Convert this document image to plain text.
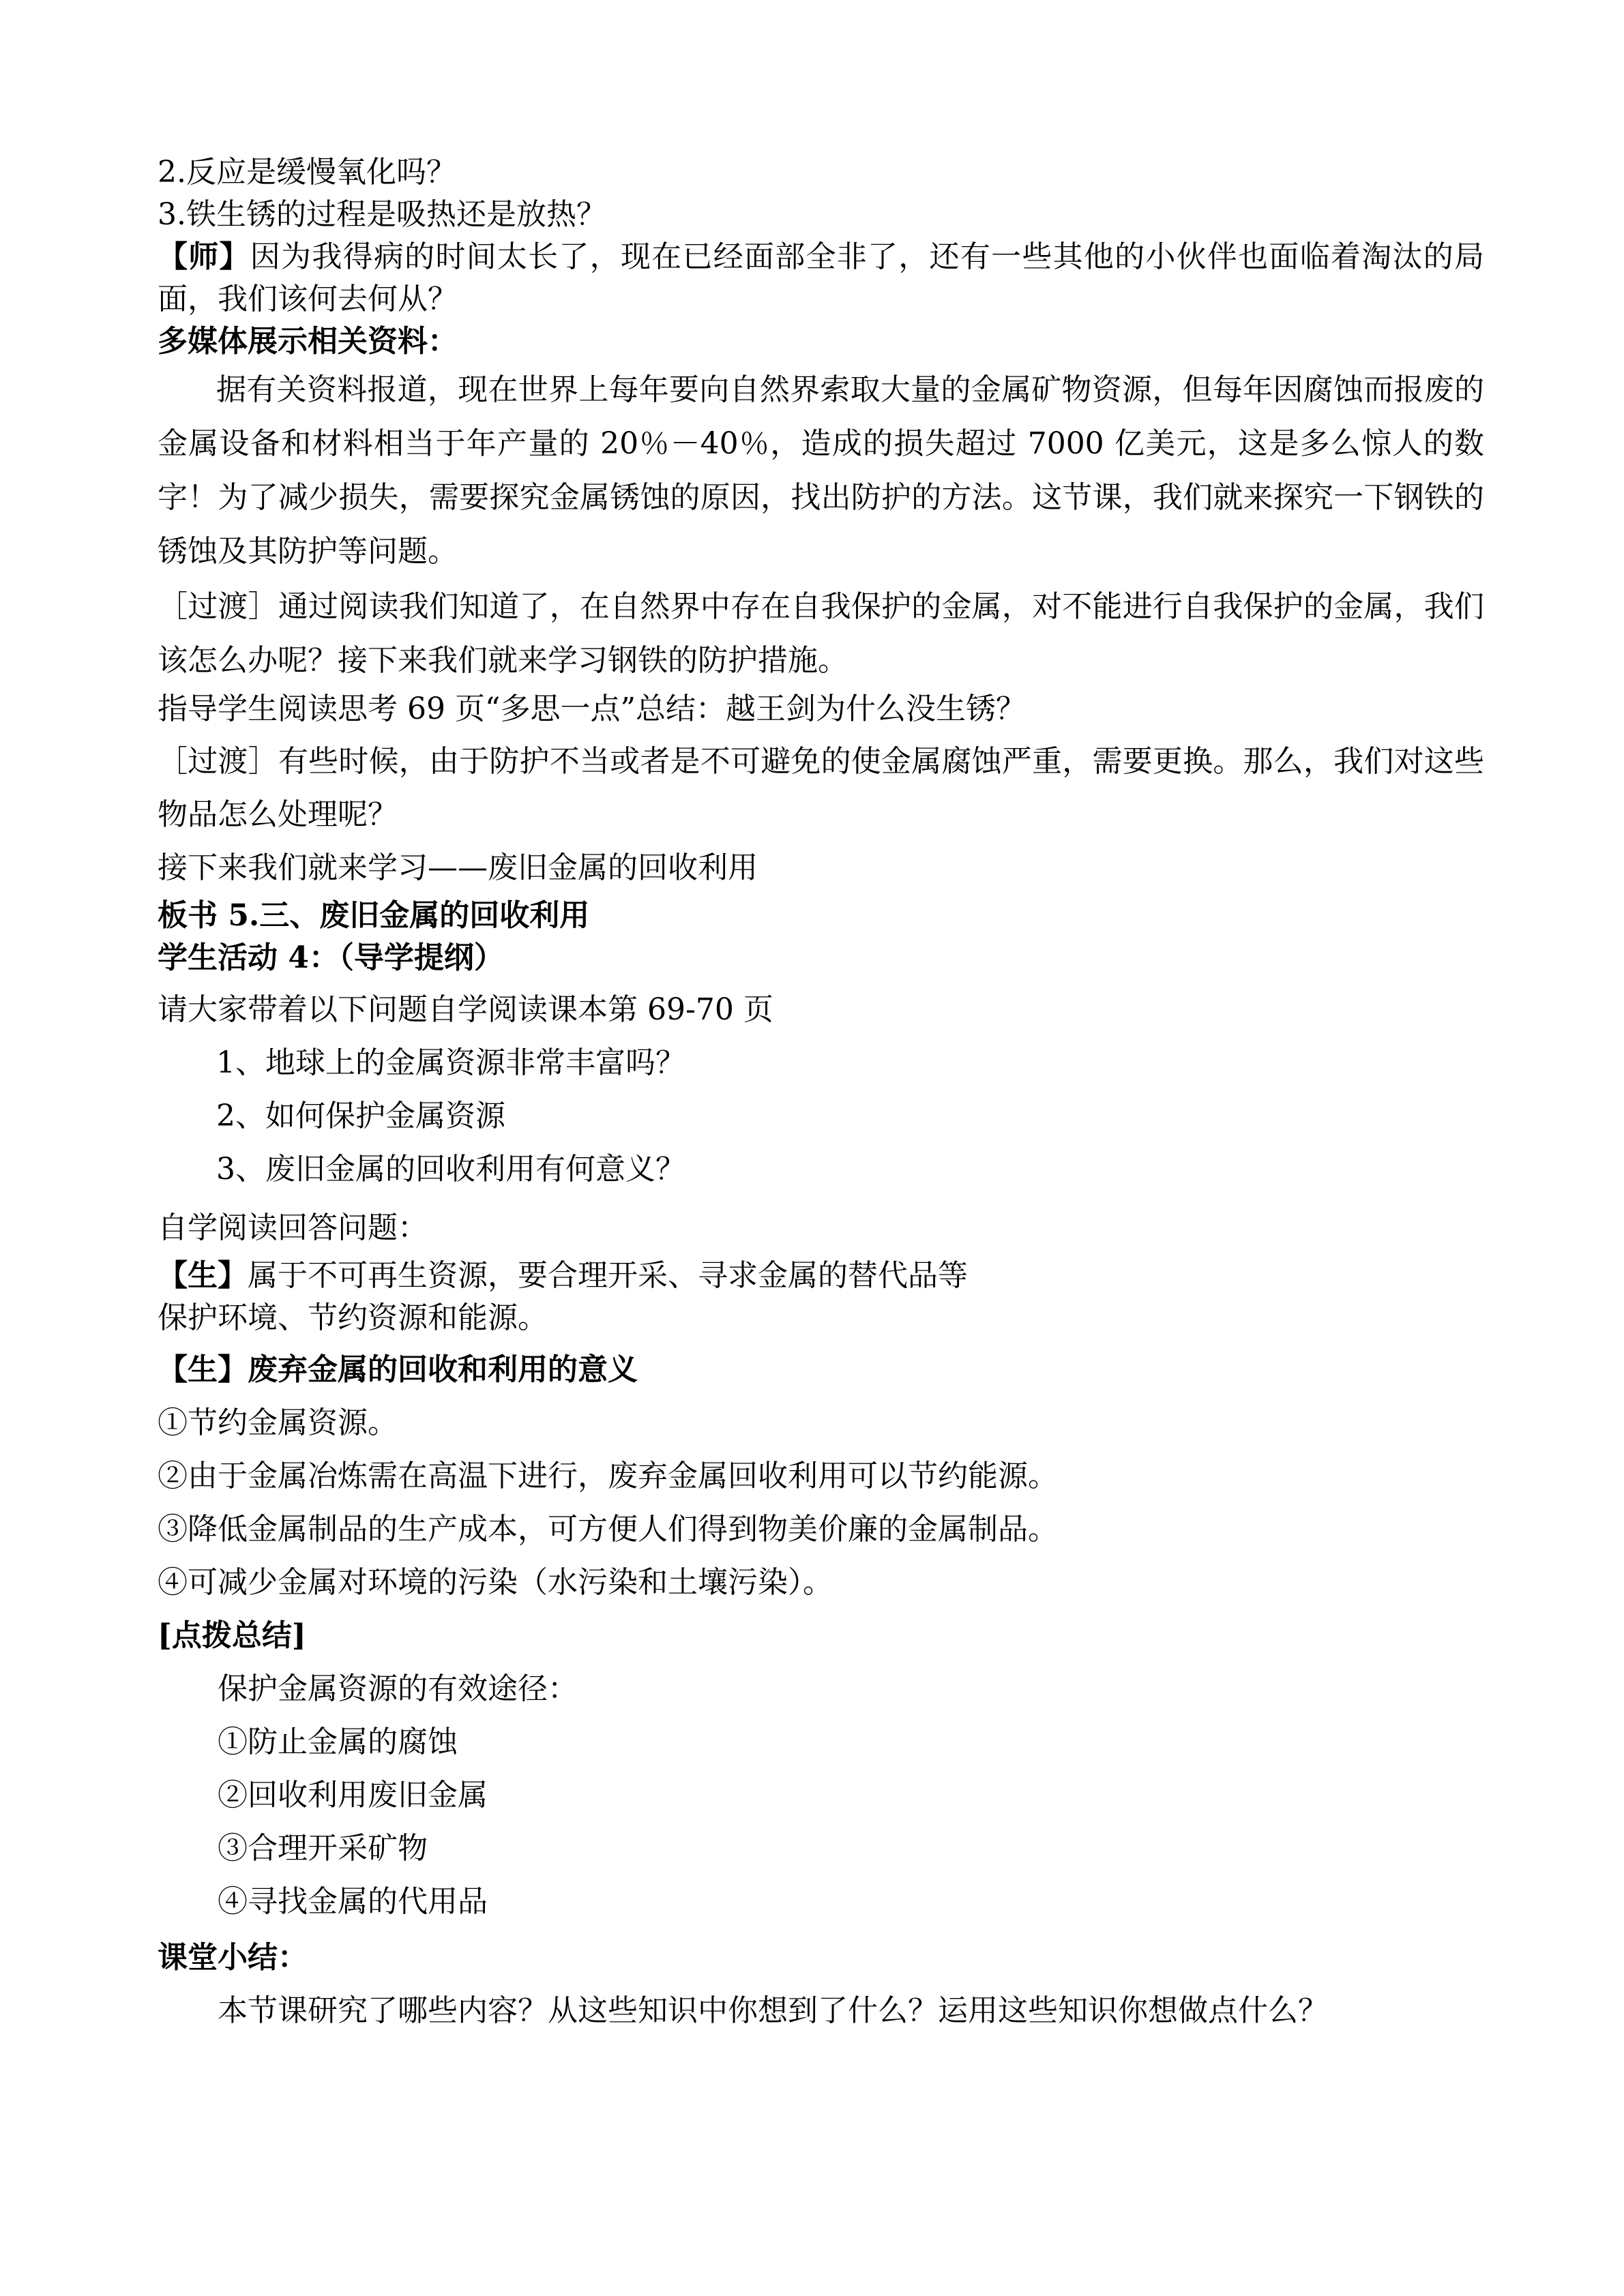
2.反应是缓慢氧化吗？

3.铁生锈的过程是吸热还是放热？

【师】因为我得病的时间太长了，现在已经面部全非了，还有一些其他的小伙伴也面临着淘汰的局面，我们该何去何从？

多媒体展示相关资料：

据有关资料报道，现在世界上每年要向自然界索取大量的金属矿物资源，但每年因腐蚀而报废的金属设备和材料相当于年产量的 20％－40％，造成的损失超过 7000 亿美元，这是多么惊人的数字！为了减少损失，需要探究金属锈蚀的原因，找出防护的方法。这节课，我们就来探究一下钢铁的锈蚀及其防护等问题。

［过渡］通过阅读我们知道了，在自然界中存在自我保护的金属，对不能进行自我保护的金属，我们该怎么办呢？接下来我们就来学习钢铁的防护措施。

指导学生阅读思考 69 页“多思一点”总结：越王剑为什么没生锈？

［过渡］有些时候，由于防护不当或者是不可避免的使金属腐蚀严重，需要更换。那么，我们对这些物品怎么处理呢？

接下来我们就来学习——废旧金属的回收利用

板书 5.三、废旧金属的回收利用

学生活动 4：（导学提纲）

请大家带着以下问题自学阅读课本第 69-70 页

1、地球上的金属资源非常丰富吗？

2、如何保护金属资源

3、废旧金属的回收利用有何意义？

自学阅读回答问题：

【生】属于不可再生资源，要合理开采、寻求金属的替代品等

保护环境、节约资源和能源。

【生】废弃金属的回收和利用的意义

①节约金属资源。

②由于金属冶炼需在高温下进行，废弃金属回收利用可以节约能源。

③降低金属制品的生产成本，可方便人们得到物美价廉的金属制品。

④可减少金属对环境的污染（水污染和土壤污染）。

[点拨总结]

保护金属资源的有效途径：

①防止金属的腐蚀

②回收利用废旧金属

③合理开采矿物

④寻找金属的代用品

课堂小结：

本节课研究了哪些内容？从这些知识中你想到了什么？运用这些知识你想做点什么？
